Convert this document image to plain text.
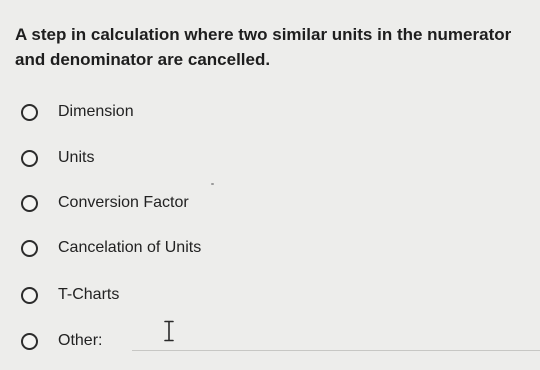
A step in calculation where two similar units in the numerator and denominator are cancelled.

Dimension
Units
Conversion Factor
Cancelation of Units
T-Charts
Other:
